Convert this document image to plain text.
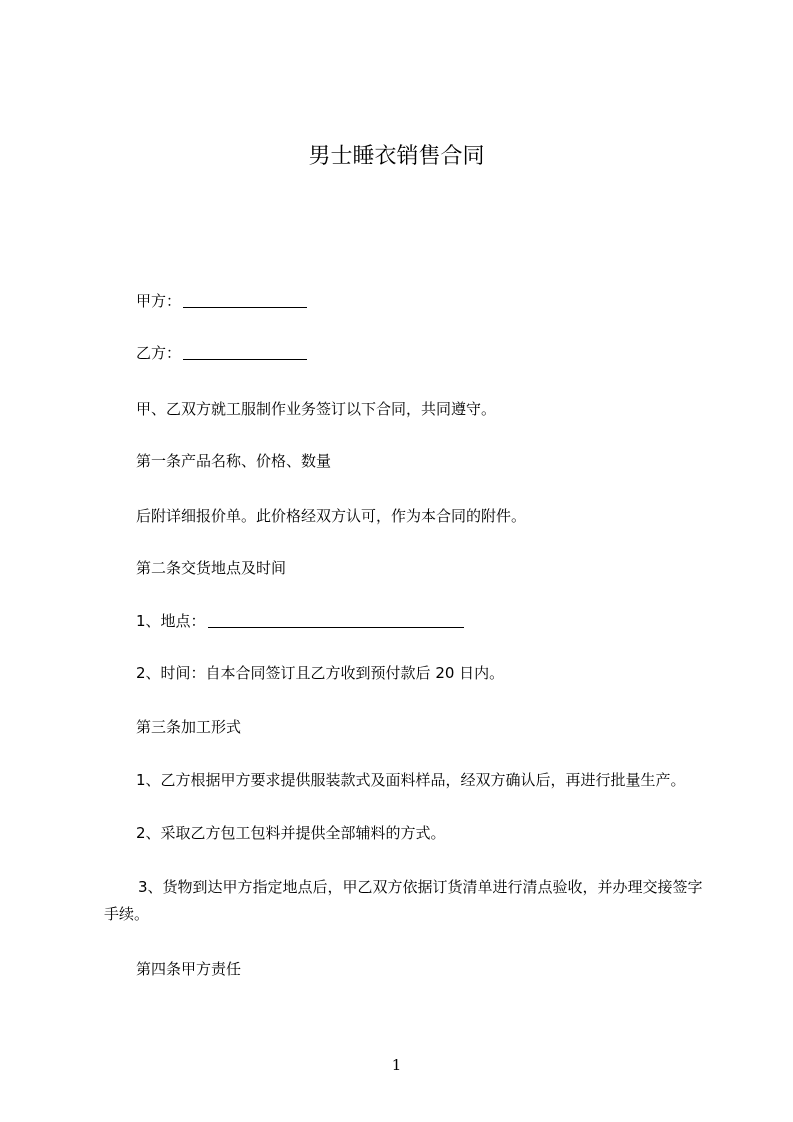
男士睡衣销售合同
甲方：
乙方：
甲、乙双方就工服制作业务签订以下合同，共同遵守。
第一条产品名称、价格、数量
后附详细报价单。此价格经双方认可，作为本合同的附件。
第二条交货地点及时间
1、地点：
2、时间：自本合同签订且乙方收到预付款后 20 日内。
第三条加工形式
1、乙方根据甲方要求提供服装款式及面料样品，经双方确认后，再进行批量生产。
2、采取乙方包工包料并提供全部辅料的方式。
3、货物到达甲方指定地点后，甲乙双方依据订货清单进行清点验收，并办理交接签字手续。
第四条甲方责任
1
